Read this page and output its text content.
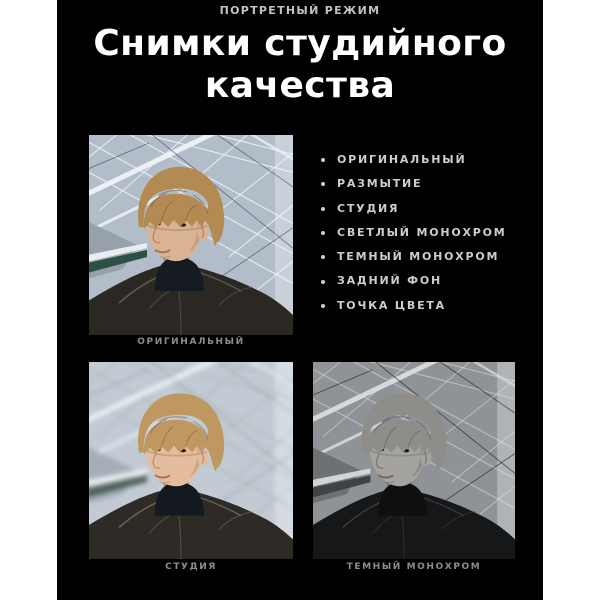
ПОРТРЕТНЫЙ РЕЖИМ
Снимки студийного
качества
ОРИГИНАЛЬНЫЙ
ОРИГИНАЛЬНЫЙ
РАЗМЫТИЕ
СТУДИЯ
СВЕТЛЫЙ МОНОХРОМ
ТЕМНЫЙ МОНОХРОМ
ЗАДНИЙ ФОН
ТОЧКА ЦВЕТА
СТУДИЯ	ТЕМНЫЙ МОНОХРОМ
